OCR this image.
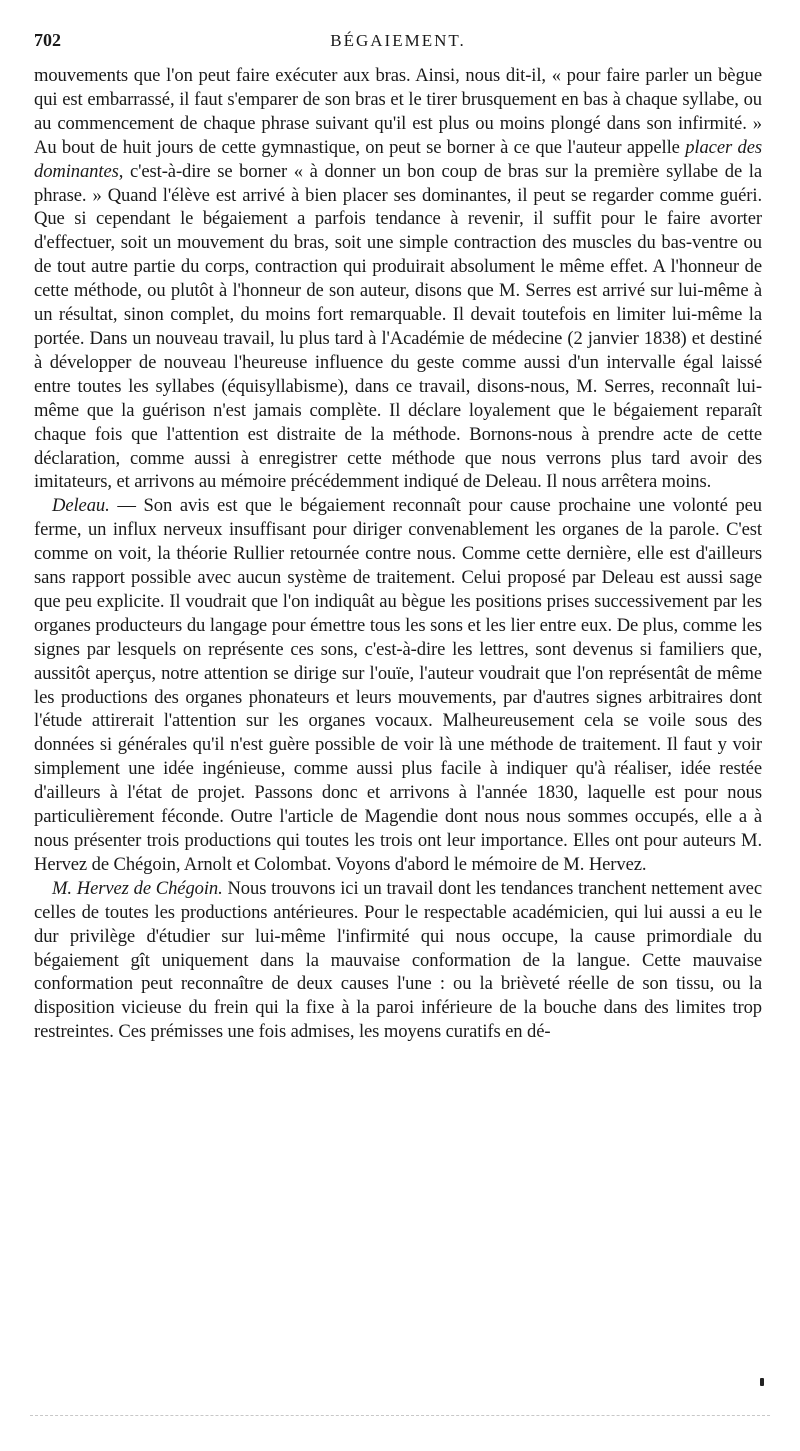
702	BÉGAIEMENT.

mouvements que l'on peut faire exécuter aux bras. Ainsi, nous dit-il, « pour faire parler un bègue qui est embarrassé, il faut s'emparer de son bras et le tirer brusquement en bas à chaque syllabe, ou au commencement de chaque phrase suivant qu'il est plus ou moins plongé dans son infirmité. » Au bout de huit jours de cette gymnastique, on peut se borner à ce que l'auteur appelle placer des dominantes, c'est-à-dire se borner « à donner un bon coup de bras sur la première syllabe de la phrase. » Quand l'élève est arrivé à bien placer ses dominantes, il peut se regarder comme guéri. Que si cependant le bégaiement a parfois tendance à revenir, il suffit pour le faire avorter d'effectuer, soit un mouvement du bras, soit une simple contraction des muscles du bas-ventre ou de tout autre partie du corps, contraction qui produirait absolument le même effet. A l'honneur de cette méthode, ou plutôt à l'honneur de son auteur, disons que M. Serres est arrivé sur lui-même à un résultat, sinon complet, du moins fort remarquable. Il devait toutefois en limiter lui-même la portée. Dans un nouveau travail, lu plus tard à l'Académie de médecine (2 janvier 1838) et destiné à développer de nouveau l'heureuse influence du geste comme aussi d'un intervalle égal laissé entre toutes les syllabes (équisyllabisme), dans ce travail, disons-nous, M. Serres, reconnaît lui-même que la guérison n'est jamais complète. Il déclare loyalement que le bégaiement reparaît chaque fois que l'attention est distraite de la méthode. Bornons-nous à prendre acte de cette déclaration, comme aussi à enregistrer cette méthode que nous verrons plus tard avoir des imitateurs, et arrivons au mémoire précédemment indiqué de Deleau. Il nous arrêtera moins.

Deleau. — Son avis est que le bégaiement reconnaît pour cause prochaine une volonté peu ferme, un influx nerveux insuffisant pour diriger convenablement les organes de la parole. C'est comme on voit, la théorie Rullier retournée contre nous. Comme cette dernière, elle est d'ailleurs sans rapport possible avec aucun système de traitement. Celui proposé par Deleau est aussi sage que peu explicite. Il voudrait que l'on indiquât au bègue les positions prises successivement par les organes producteurs du langage pour émettre tous les sons et les lier entre eux. De plus, comme les signes par lesquels on représente ces sons, c'est-à-dire les lettres, sont devenus si familiers que, aussitôt aperçus, notre attention se dirige sur l'ouïe, l'auteur voudrait que l'on représentât de même les productions des organes phonateurs et leurs mouvements, par d'autres signes arbitraires dont l'étude attirerait l'attention sur les organes vocaux. Malheureusement cela se voile sous des données si générales qu'il n'est guère possible de voir là une méthode de traitement. Il faut y voir simplement une idée ingénieuse, comme aussi plus facile à indiquer qu'à réaliser, idée restée d'ailleurs à l'état de projet. Passons donc et arrivons à l'année 1830, laquelle est pour nous particulièrement féconde. Outre l'article de Magendie dont nous nous sommes occupés, elle a à nous présenter trois productions qui toutes les trois ont leur importance. Elles ont pour auteurs M. Hervez de Chégoin, Arnolt et Colombat. Voyons d'abord le mémoire de M. Hervez.

M. Hervez de Chégoin. Nous trouvons ici un travail dont les tendances tranchent nettement avec celles de toutes les productions antérieures. Pour le respectable académicien, qui lui aussi a eu le dur privilège d'étudier sur lui-même l'infirmité qui nous occupe, la cause primordiale du bégaiement gît uniquement dans la mauvaise conformation de la langue. Cette mauvaise conformation peut reconnaître de deux causes l'une : ou la brièveté réelle de son tissu, ou la disposition vicieuse du frein qui la fixe à la paroi inférieure de la bouche dans des limites trop restreintes. Ces prémisses une fois admises, les moyens curatifs en dé-
